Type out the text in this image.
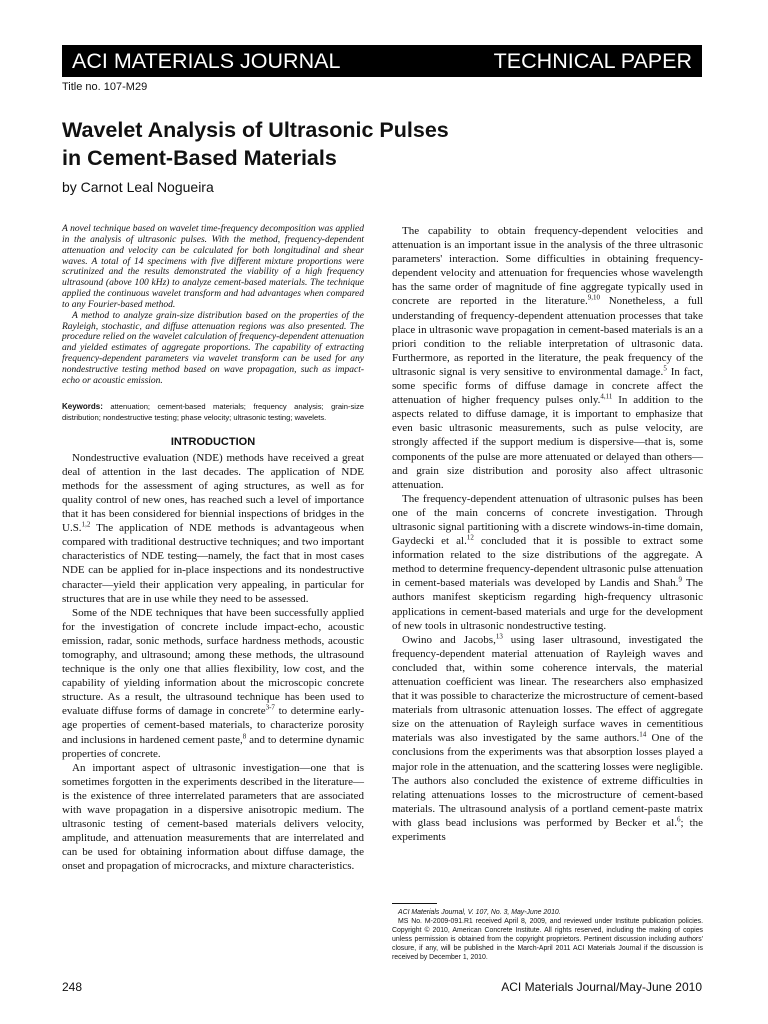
ACI MATERIALS JOURNAL	TECHNICAL PAPER
Title no. 107-M29
Wavelet Analysis of Ultrasonic Pulses
in Cement-Based Materials
by Carnot Leal Nogueira

A novel technique based on wavelet time-frequency decomposition was applied in the analysis of ultrasonic pulses. With the method, frequency-dependent attenuation and velocity can be calculated for both longitudinal and shear waves. A total of 14 specimens with five different mixture proportions were scrutinized and the results demonstrated the viability of a high frequency ultrasound (above 100 kHz) to analyze cement-based materials. The technique applied the continuous wavelet transform and had advantages when compared to any Fourier-based method.

A method to analyze grain-size distribution based on the properties of the Rayleigh, stochastic, and diffuse attenuation regions was also presented. The procedure relied on the wavelet calculation of frequency-dependent attenuation and yielded estimates of aggregate proportions. The capability of extracting frequency-dependent parameters via wavelet transform can be used for any nondestructive testing method based on wave propagation, such as impact-echo or acoustic emission.

Keywords: attenuation; cement-based materials; frequency analysis; grain-size distribution; nondestructive testing; phase velocity; ultrasonic testing; wavelets.
INTRODUCTION

Nondestructive evaluation (NDE) methods have received a great deal of attention in the last decades. The application of NDE methods for the assessment of aging structures, as well as for quality control of new ones, has reached such a level of importance that it has been considered for biennial inspections of bridges in the U.S.$^{1,2}$ The application of NDE methods is advantageous when compared with traditional destructive techniques; and two important characteristics of NDE testing—namely, the fact that in most cases NDE can be applied for in-place inspections and its nondestructive character—yield their application very appealing, in particular for structures that are in use while they need to be assessed.

Some of the NDE techniques that have been successfully applied for the investigation of concrete include impact-echo, acoustic emission, radar, sonic methods, surface hardness methods, acoustic tomography, and ultrasound; among these methods, the ultrasound technique is the only one that allies flexibility, low cost, and the capability of yielding information about the microscopic concrete structure. As a result, the ultrasound technique has been used to evaluate diffuse forms of damage in concrete$^{3-7}$ to determine early-age properties of cement-based materials, to characterize porosity and inclusions in hardened cement paste,$^8$ and to determine dynamic properties of concrete.

An important aspect of ultrasonic investigation—one that is sometimes forgotten in the experiments described in the literature—is the existence of three interrelated parameters that are associated with wave propagation in a dispersive anisotropic medium. The ultrasonic testing of cement-based materials delivers velocity, amplitude, and attenuation measurements that are interrelated and can be used for obtaining information about diffuse damage, the onset and propagation of microcracks, and mixture characteristics.

The capability to obtain frequency-dependent velocities and attenuation is an important issue in the analysis of the three ultrasonic parameters' interaction. Some difficulties in obtaining frequency-dependent velocity and attenuation for frequencies whose wavelength has the same order of magnitude of fine aggregate typically used in concrete are reported in the literature.$^{9,10}$ Nonetheless, a full understanding of frequency-dependent attenuation processes that take place in ultrasonic wave propagation in cement-based materials is an a priori condition to the reliable interpretation of ultrasonic data. Furthermore, as reported in the literature, the peak frequency of the ultrasonic signal is very sensitive to environmental damage.$^5$ In fact, some specific forms of diffuse damage in concrete affect the attenuation of higher frequency pulses only.$^{4,11}$ In addition to the aspects related to diffuse damage, it is important to emphasize that even basic ultrasonic measurements, such as pulse velocity, are strongly affected if the support medium is dispersive—that is, some components of the pulse are more attenuated or delayed than others—and grain size distribution and porosity also affect ultrasonic attenuation.

The frequency-dependent attenuation of ultrasonic pulses has been one of the main concerns of concrete investigation. Through ultrasonic signal partitioning with a discrete windows-in-time domain, Gaydecki et al.$^{12}$ concluded that it is possible to extract some information related to the size distributions of the aggregate. A method to determine frequency-dependent ultrasonic pulse attenuation in cement-based materials was developed by Landis and Shah.$^9$ The authors manifest skepticism regarding high-frequency ultrasonic applications in cement-based materials and urge for the development of new tools in ultrasonic nondestructive testing.

Owino and Jacobs,$^{13}$ using laser ultrasound, investigated the frequency-dependent material attenuation of Rayleigh waves and concluded that, within some coherence intervals, the material attenuation coefficient was linear. The researchers also emphasized that it was possible to characterize the microstructure of cement-based materials from ultrasonic attenuation losses. The effect of aggregate size on the attenuation of Rayleigh surface waves in cementitious materials was also investigated by the same authors.$^{14}$ One of the conclusions from the experiments was that absorption losses played a major role in the attenuation, and the scattering losses were negligible. The authors also concluded the existence of extreme difficulties in relating attenuations losses to the microstructure of cement-based materials. The ultrasound analysis of a portland cement-paste matrix with glass bead inclusions was performed by Becker et al.$^6$; the experiments

ACI Materials Journal, V. 107, No. 3, May-June 2010.

MS No. M-2009-091.R1 received April 8, 2009, and reviewed under Institute publication policies. Copyright © 2010, American Concrete Institute. All rights reserved, including the making of copies unless permission is obtained from the copyright proprietors. Pertinent discussion including authors' closure, if any, will be published in the March-April 2011 ACI Materials Journal if the discussion is received by December 1, 2010.

248	ACI Materials Journal/May-June 2010
